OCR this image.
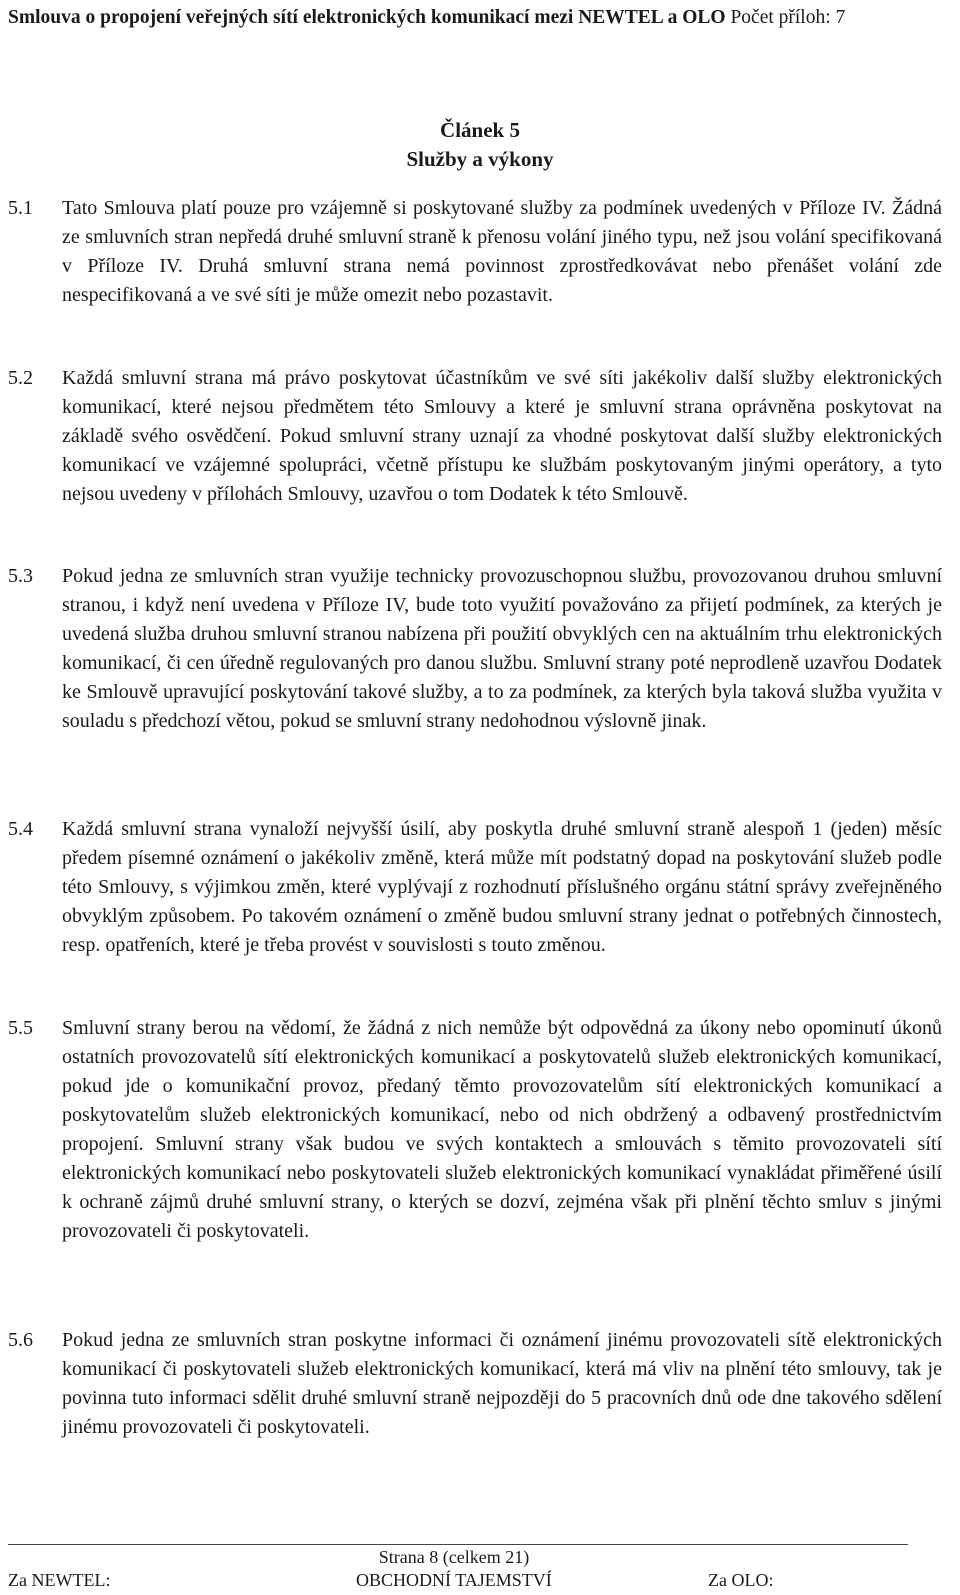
Smlouva o propojení veřejných sítí elektronických komunikací mezi NEWTEL a OLO Počet příloh: 7
Článek 5
Služby a výkony
5.1 Tato Smlouva platí pouze pro vzájemně si poskytované služby za podmínek uvedených v Příloze IV. Žádná ze smluvních stran nepředá druhé smluvní straně k přenosu volání jiného typu, než jsou volání specifikovaná v Příloze IV. Druhá smluvní strana nemá povinnost zprostředkovávat nebo přenášet volání zde nespecifikovaná a ve své síti je může omezit nebo pozastavit.
5.2 Každá smluvní strana má právo poskytovat účastníkům ve své síti jakékoliv další služby elektronických komunikací, které nejsou předmětem této Smlouvy a které je smluvní strana oprávněna poskytovat na základě svého osvědčení. Pokud smluvní strany uznají za vhodné poskytovat další služby elektronických komunikací ve vzájemné spolupráci, včetně přístupu ke službám poskytovaným jinými operátory, a tyto nejsou uvedeny v přílohách Smlouvy, uzavřou o tom Dodatek k této Smlouvě.
5.3 Pokud jedna ze smluvních stran využije technicky provozuschopnou službu, provozovanou druhou smluvní stranou, i když není uvedena v Příloze IV, bude toto využití považováno za přijetí podmínek, za kterých je uvedená služba druhou smluvní stranou nabízena při použití obvyklých cen na aktuálním trhu elektronických komunikací, či cen úředně regulovaných pro danou službu. Smluvní strany poté neprodleně uzavřou Dodatek ke Smlouvě upravující poskytování takové služby, a to za podmínek, za kterých byla taková služba využita v souladu s předchozí větou, pokud se smluvní strany nedohodnou výslovně jinak.
5.4 Každá smluvní strana vynaloží nejvyšší úsilí, aby poskytla druhé smluvní straně alespoň 1 (jeden) měsíc předem písemné oznámení o jakékoliv změně, která může mít podstatný dopad na poskytování služeb podle této Smlouvy, s výjimkou změn, které vyplývají z rozhodnutí příslušného orgánu státní správy zveřejněného obvyklým způsobem. Po takovém oznámení o změně budou smluvní strany jednat o potřebných činnostech, resp. opatřeních, které je třeba provést v souvislosti s touto změnou.
5.5 Smluvní strany berou na vědomí, že žádná z nich nemůže být odpovědná za úkony nebo opominutí úkonů ostatních provozovatelů sítí elektronických komunikací a poskytovatelů služeb elektronických komunikací, pokud jde o komunikační provoz, předaný těmto provozovatelům sítí elektronických komunikací a poskytovatelům služeb elektronických komunikací, nebo od nich obdržený a odbavený prostřednictvím propojení. Smluvní strany však budou ve svých kontaktech a smlouvách s těmito provozovateli sítí elektronických komunikací nebo poskytovateli služeb elektronických komunikací vynakládat přiměřené úsilí k ochraně zájmů druhé smluvní strany, o kterých se dozví, zejména však při plnění těchto smluv s jinými provozovateli či poskytovateli.
5.6 Pokud jedna ze smluvních stran poskytne informaci či oznámení jinému provozovateli sítě elektronických komunikací či poskytovateli služeb elektronických komunikací, která má vliv na plnění této smlouvy, tak je povinna tuto informaci sdělit druhé smluvní straně nejpozději do 5 pracovních dnů ode dne takového sdělení jinému provozovateli či poskytovateli.
Strana 8 (celkem 21)
Za NEWTEL:	OBCHODNÍ TAJEMSTVÍ	Za OLO:
